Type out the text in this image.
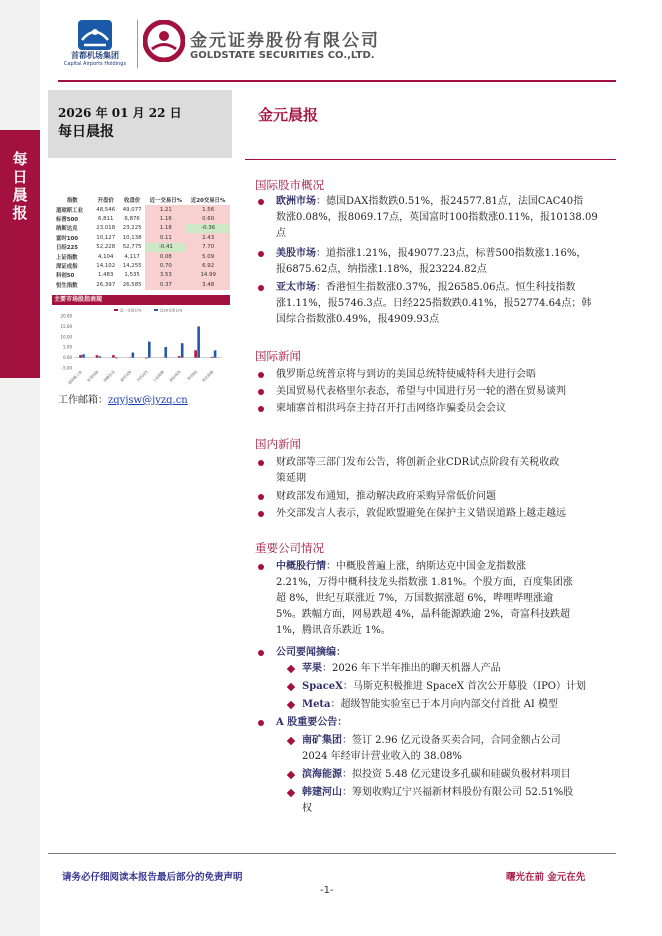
每
日
晨
报
首都机场集团
Capital Airports Holdings
金元证券股份有限公司
GOLDSTATE SECURITIES CO.,LTD.
2026 年 01 月 22 日
每日晨报
金元晨报
指数	开盘价	收盘价	近一交易日%	近20交易日%
道琼斯工业	48,546	49,077	1.21	1.56
标普500	6,811	6,876	1.16	0.60
纳斯达克	23,018	23,225	1.18	-0.36
富时100	10,127	10,138	0.11	2.43
日经225	52,228	52,775	-0.41	7.70
上证指数	4,104	4,117	0.08	5.09
深证成指	14,102	14,255	0.70	6.92
科创50	1,483	1,535	3.53	14.99
恒生指数	26,397	26,585	0.37	3.48
主要市场股指表现
20.00
15.00
10.00
5.00
0.00
-5.00
近一交易日%	近20交易日%
道琼斯工业 标普500 纳斯达克 富时100 日经225 上证指数 深证成指 科创50 恒生指数
工作邮箱：zqyjsw@jyzq.cn
国际股市概况
欧洲市场：德国DAX指数跌0.51%，报24577.81点，法国CAC40指
数涨0.08%，报8069.17点，英国富时100指数涨0.11%，报10138.09
点
美股市场：道指涨1.21%，报49077.23点，标普500指数涨1.16%，
报6875.62点，纳指涨1.18%，报23224.82点
亚太市场：香港恒生指数涨0.37%，报26585.06点。恒生科技指数
涨1.11%，报5746.3点。日经225指数跌0.41%，报52774.64点；韩
国综合指数涨0.49%，报4909.93点
国际新闻
俄罗斯总统普京将与到访的美国总统特使威特科夫进行会晤
美国贸易代表格里尔表态，希望与中国进行另一轮的潜在贸易谈判
柬埔寨首相洪玛奈主持召开打击网络诈骗委员会会议
国内新闻
财政部等三部门发布公告，将创新企业CDR试点阶段有关税收政
策延期
财政部发布通知，推动解决政府采购异常低价问题
外交部发言人表示，敦促欧盟避免在保护主义错误道路上越走越远
重要公司情况
中概股行情：中概股普遍上涨，纳斯达克中国金龙指数涨
2.21%，万得中概科技龙头指数涨 1.81%。个股方面，百度集团涨
超 8%，世纪互联涨近 7%，万国数据涨超 6%，哔哩哔哩涨逾
5%。跌幅方面，网易跌超 4%，晶科能源跌逾 2%，奇富科技跌超
1%，腾讯音乐跌近 1%。
公司要闻摘编：
苹果：2026 年下半年推出的聊天机器人产品
SpaceX：马斯克积极推进 SpaceX 首次公开募股（IPO）计划
Meta：超级智能实验室已于本月向内部交付首批 AI 模型
A 股重要公告：
南矿集团：签订 2.96 亿元设备买卖合同，合同金额占公司
2024 年经审计营业收入的 38.08%
滨海能源：拟投资 5.48 亿元建设多孔碳和硅碳负极材料项目
韩建河山：筹划收购辽宁兴福新材料股份有限公司 52.51%股
权
请务必仔细阅读本报告最后部分的免责声明	曙光在前 金元在先
-1-
